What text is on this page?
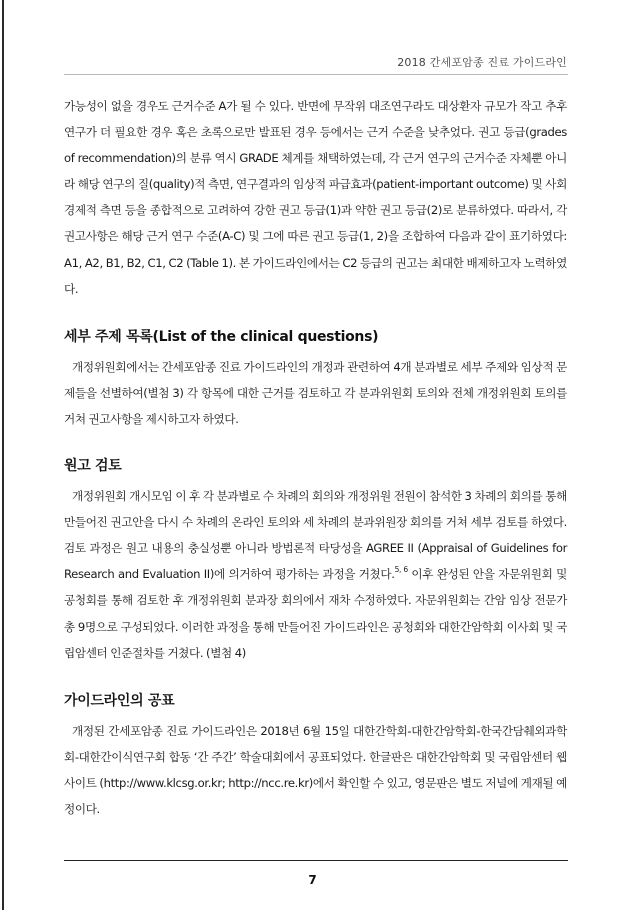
2018 간세포암종 진료 가이드라인

가능성이 없을 경우도 근거수준 A가 될 수 있다. 반면에 무작위 대조연구라도 대상환자 규모가 작고 추후 연구가 더 필요한 경우 혹은 초록으로만 발표된 경우 등에서는 근거 수준을 낮추었다. 권고 등급(grades of recommendation)의 분류 역시 GRADE 체계를 채택하였는데, 각 근거 연구의 근거수준 자체뿐 아니라 해당 연구의 질(quality)적 측면, 연구결과의 임상적 파급효과(patient-important outcome) 및 사회경제적 측면 등을 종합적으로 고려하여 강한 권고 등급(1)과 약한 권고 등급(2)로 분류하였다. 따라서, 각 권고사항은 해당 근거 연구 수준(A-C) 및 그에 따른 권고 등급(1, 2)을 조합하여 다음과 같이 표기하였다: A1, A2, B1, B2, C1, C2 (Table 1). 본 가이드라인에서는 C2 등급의 권고는 최대한 배제하고자 노력하였다.

세부 주제 목록(List of the clinical questions)

개정위원회에서는 간세포암종 진료 가이드라인의 개정과 관련하여 4개 분과별로 세부 주제와 임상적 문제들을 선별하여(별첨 3) 각 항목에 대한 근거를 검토하고 각 분과위원회 토의와 전체 개정위원회 토의를 거쳐 권고사항을 제시하고자 하였다.

원고 검토

개정위원회 개시모임 이 후 각 분과별로 수 차례의 회의와 개정위원 전원이 참석한 3 차례의 회의를 통해 만들어진 권고안을 다시 수 차례의 온라인 토의와 세 차례의 분과위원장 회의를 거쳐 세부 검토를 하였다. 검토 과정은 원고 내용의 충실성뿐 아니라 방법론적 타당성을 AGREE II (Appraisal of Guidelines for Research and Evaluation II)에 의거하여 평가하는 과정을 거쳤다.$^{5, 6}$ 이후 완성된 안을 자문위원회 및 공청회를 통해 검토한 후 개정위원회 분과장 회의에서 재차 수정하였다. 자문위원회는 간암 임상 전문가 총 9명으로 구성되었다. 이러한 과정을 통해 만들어진 가이드라인은 공청회와 대한간암학회 이사회 및 국립암센터 인준절차를 거쳤다. (별첨 4)

가이드라인의 공표

개정된 간세포암종 진료 가이드라인은 2018년 6월 15일 대한간학회-대한간암학회-한국간담췌외과학회-대한간이식연구회 합동 ‘간 주간’ 학술대회에서 공표되었다. 한글판은 대한간암학회 및 국립암센터 웹사이트 (http://www.klcsg.or.kr; http://ncc.re.kr)에서 확인할 수 있고, 영문판은 별도 저널에 게재될 예정이다.

7
